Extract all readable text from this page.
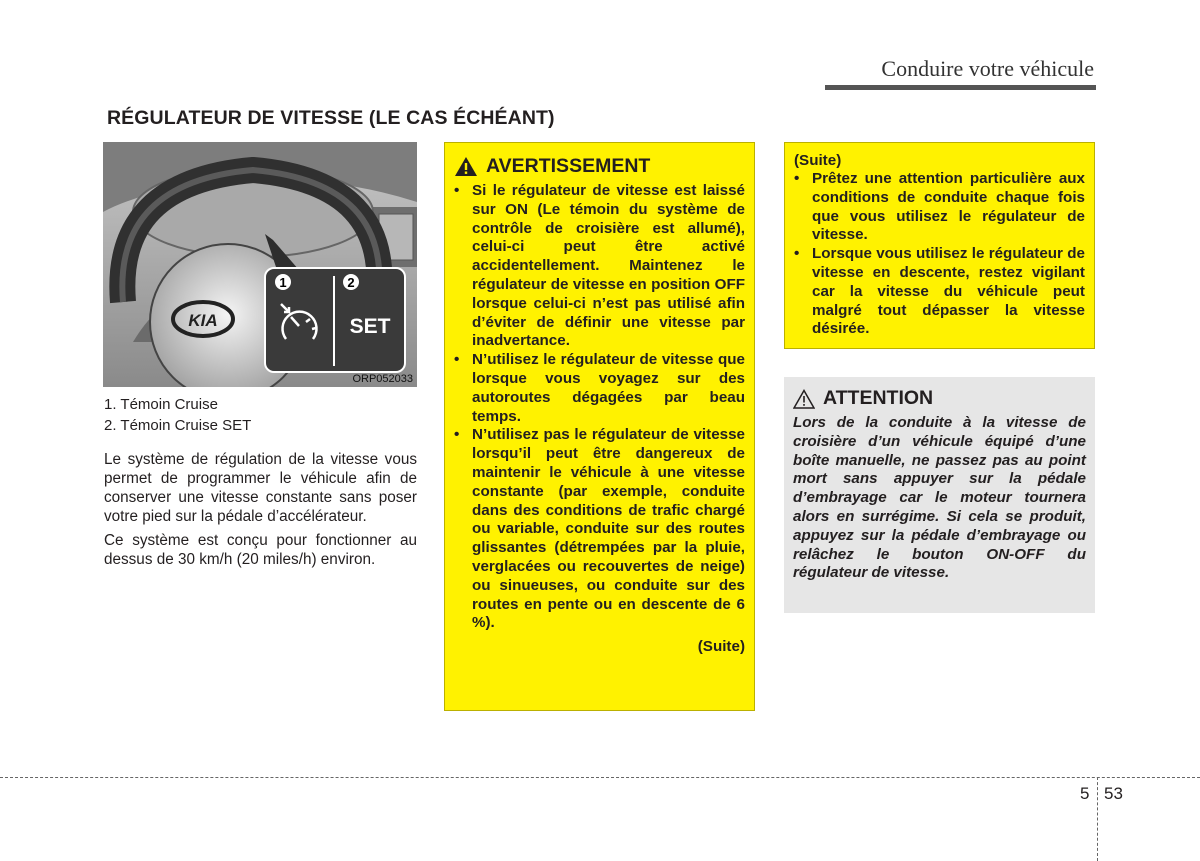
Conduire votre véhicule
RÉGULATEUR DE VITESSE (LE CAS ÉCHÉANT)
KIA
1	2
SET
ORP052033
1. Témoin Cruise
2. Témoin Cruise SET

Le système de régulation de la vitesse vous permet de programmer le véhicule afin de conserver une vitesse constante sans poser votre pied sur la pédale d’accélérateur.

Ce système est conçu pour fonctionner au dessus de 30 km/h (20 miles/h) environ.

AVERTISSEMENT
• Si le régulateur de vitesse est laissé sur ON (Le témoin du système de contrôle de croisière est allumé), celui-ci peut être activé accidentellement. Maintenez le régulateur de vitesse en position OFF lorsque celui-ci n’est pas utilisé afin d’éviter de définir une vitesse par inadvertance.
• N’utilisez le régulateur de vitesse que lorsque vous voyagez sur des autoroutes dégagées par beau temps.
• N’utilisez pas le régulateur de vitesse lorsqu’il peut être dangereux de maintenir le véhicule à une vitesse constante (par exemple, conduite dans des conditions de trafic chargé ou variable, conduite sur des routes glissantes (détrempées par la pluie, verglacées ou recouvertes de neige) ou sinueuses, ou conduite sur des routes en pente ou en descente de 6 %).
(Suite)
(Suite)
• Prêtez une attention particulière aux conditions de conduite chaque fois que vous utilisez le régulateur de vitesse.
• Lorsque vous utilisez le régulateur de vitesse en descente, restez vigilant car la vitesse du véhicule peut malgré tout dépasser la vitesse désirée.
ATTENTION

Lors de la conduite à la vitesse de croisière d’un véhicule équipé d’une boîte manuelle, ne passez pas au point mort sans appuyer sur la pédale d’embrayage car le moteur tournera alors en surrégime. Si cela se produit, appuyez sur la pédale d’embrayage ou relâchez le bouton ON-OFF du régulateur de vitesse.

5 53
